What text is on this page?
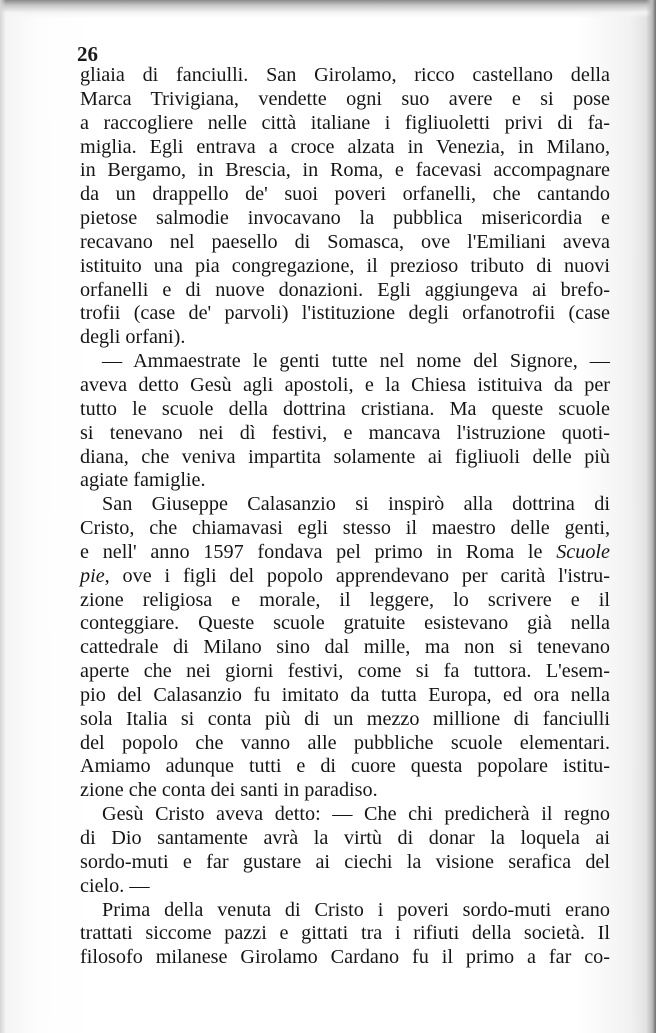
26
gliaia di fanciulli. San Girolamo, ricco castellano della
Marca Trivigiana, vendette ogni suo avere e si pose
a raccogliere nelle città italiane i figliuoletti privi di fa-
miglia. Egli entrava a croce alzata in Venezia, in Milano,
in Bergamo, in Brescia, in Roma, e facevasi accompagnare
da un drappello de' suoi poveri orfanelli, che cantando
pietose salmodie invocavano la pubblica misericordia e
recavano nel paesello di Somasca, ove l'Emiliani aveva
istituito una pia congregazione, il prezioso tributo di nuovi
orfanelli e di nuove donazioni. Egli aggiungeva ai brefo-
trofii (case de' parvoli) l'istituzione degli orfanotrofii (case
degli orfani).
— Ammaestrate le genti tutte nel nome del Signore, —
aveva detto Gesù agli apostoli, e la Chiesa istituiva da per
tutto le scuole della dottrina cristiana. Ma queste scuole
si tenevano nei dì festivi, e mancava l'istruzione quoti-
diana, che veniva impartita solamente ai figliuoli delle più
agiate famiglie.
San Giuseppe Calasanzio si inspirò alla dottrina di
Cristo, che chiamavasi egli stesso il maestro delle genti,
e nell' anno 1597 fondava pel primo in Roma le Scuole
pie, ove i figli del popolo apprendevano per carità l'istru-
zione religiosa e morale, il leggere, lo scrivere e il
conteggiare. Queste scuole gratuite esistevano già nella
cattedrale di Milano sino dal mille, ma non si tenevano
aperte che nei giorni festivi, come si fa tuttora. L'esem-
pio del Calasanzio fu imitato da tutta Europa, ed ora nella
sola Italia si conta più di un mezzo millione di fanciulli
del popolo che vanno alle pubbliche scuole elementari.
Amiamo adunque tutti e di cuore questa popolare istitu-
zione che conta dei santi in paradiso.
Gesù Cristo aveva detto: — Che chi predicherà il regno
di Dio santamente avrà la virtù di donar la loquela ai
sordo-muti e far gustare ai ciechi la visione serafica del
cielo. —
Prima della venuta di Cristo i poveri sordo-muti erano
trattati siccome pazzi e gittati tra i rifiuti della società. Il
filosofo milanese Girolamo Cardano fu il primo a far co-
